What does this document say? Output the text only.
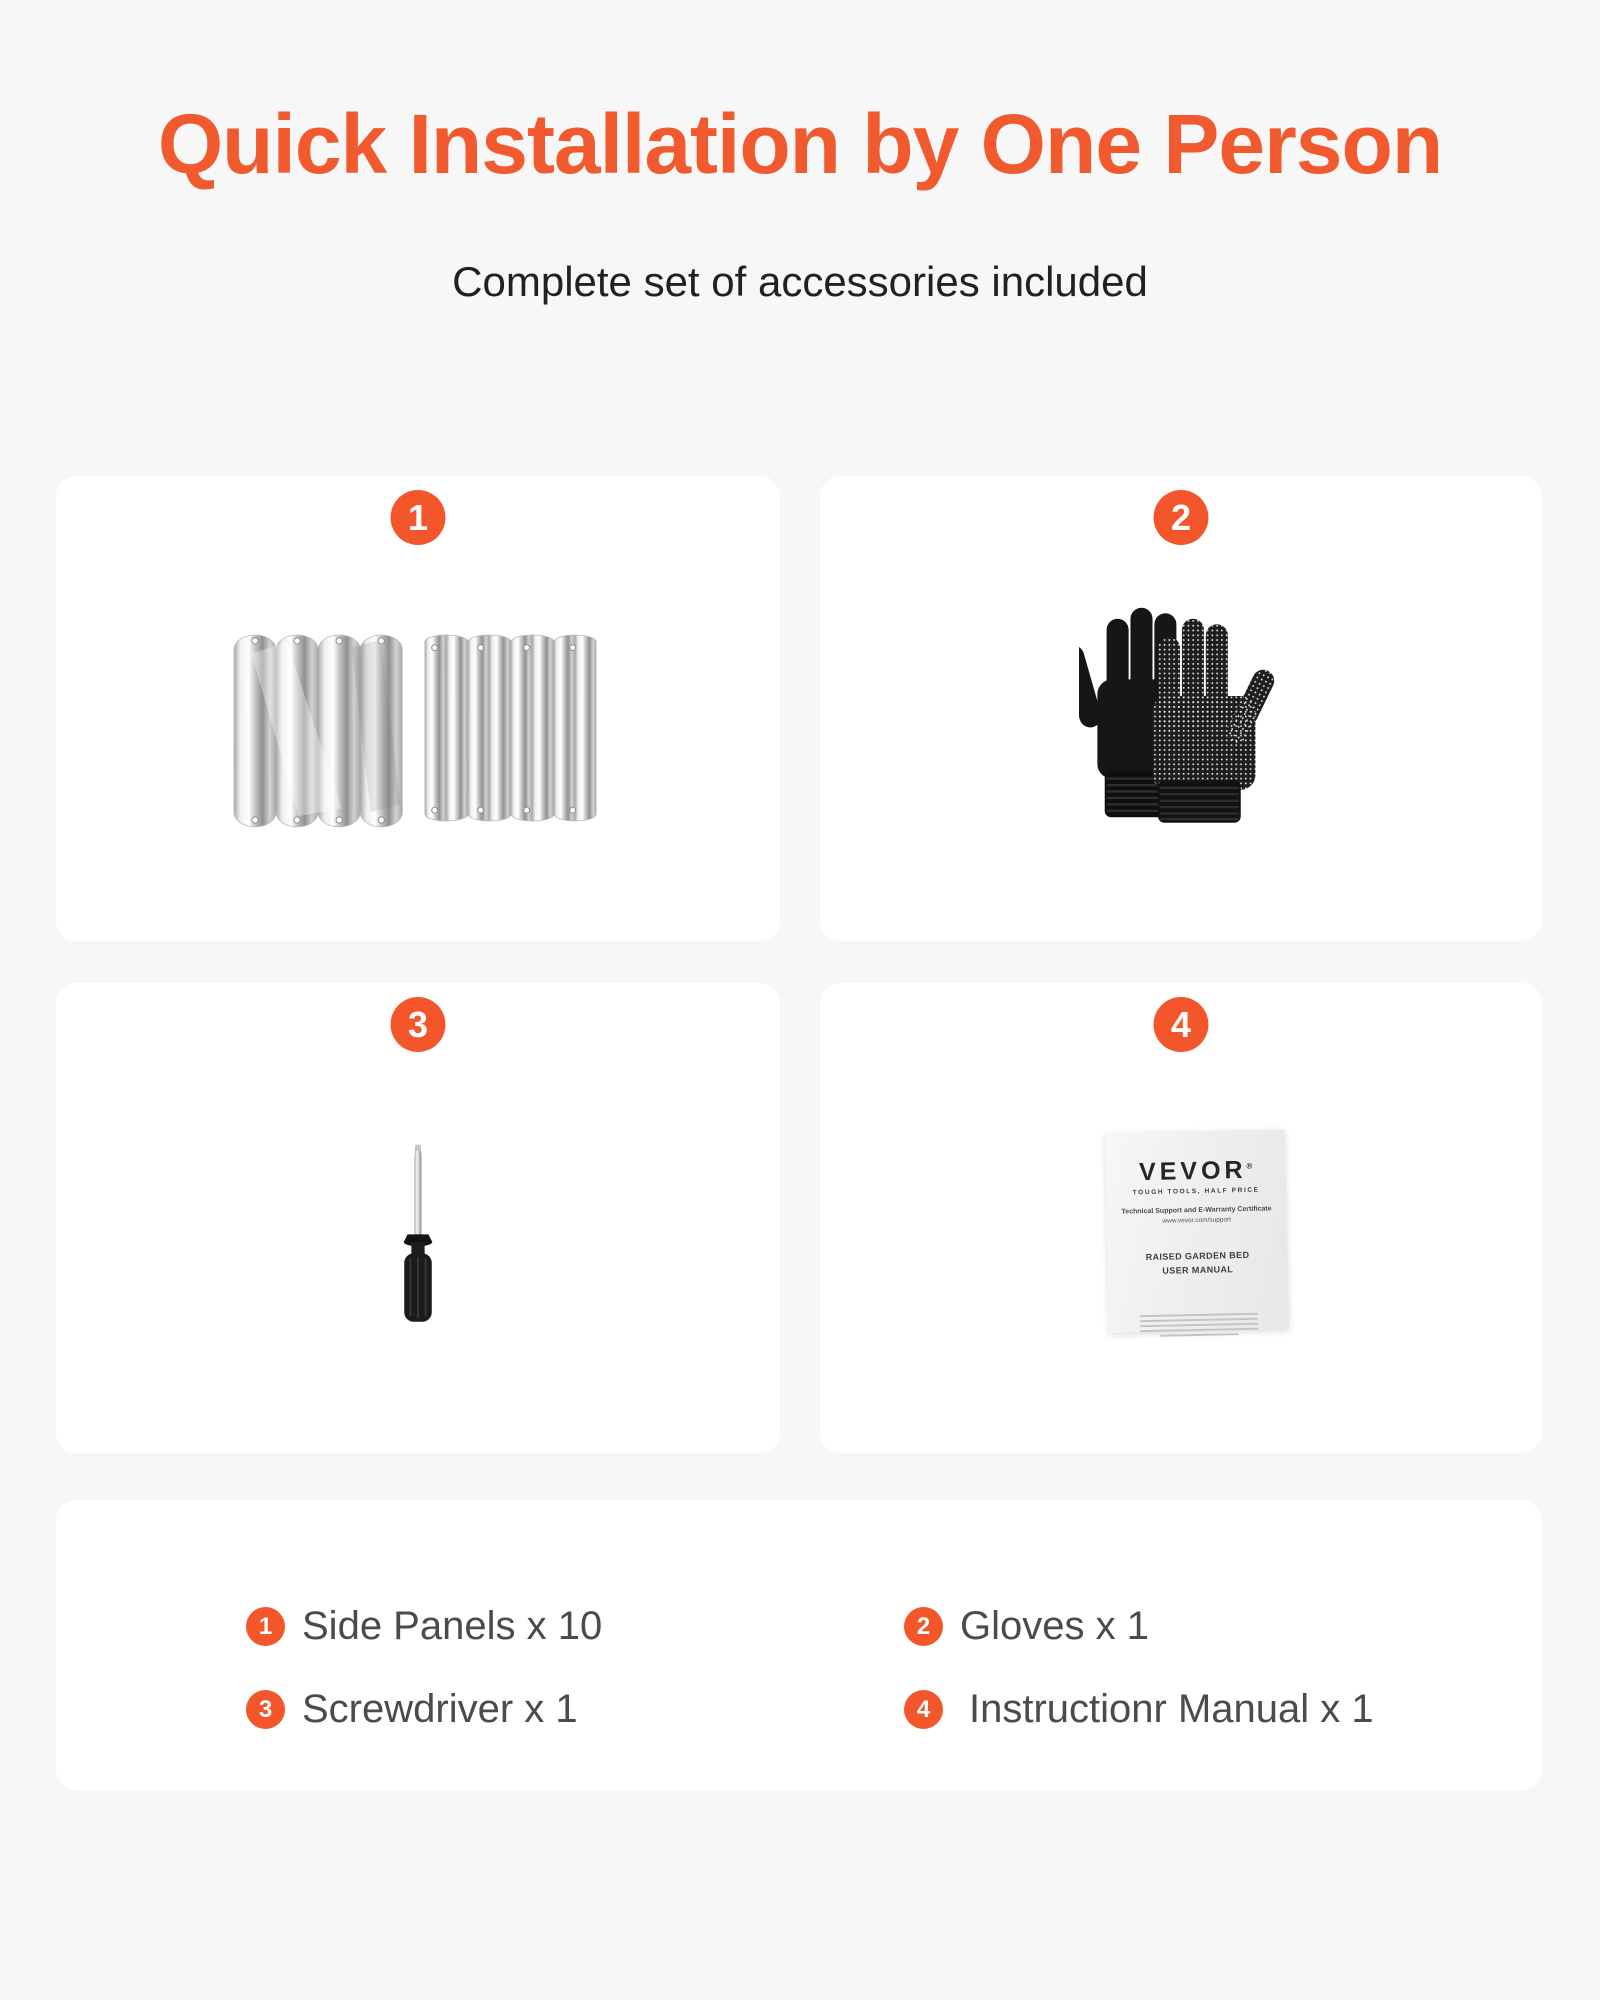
Quick Installation by One Person
Complete set of accessories included
1	2
3	4
VEVOR®
TOUGH TOOLS, HALF PRICE
Technical Support and E-Warranty Certificate
www.vevor.com/support
RAISED GARDEN BED
USER MANUAL
1 Side Panels x 10	2 Gloves x 1
3 Screwdriver x 1	4 Instructionr Manual x 1
